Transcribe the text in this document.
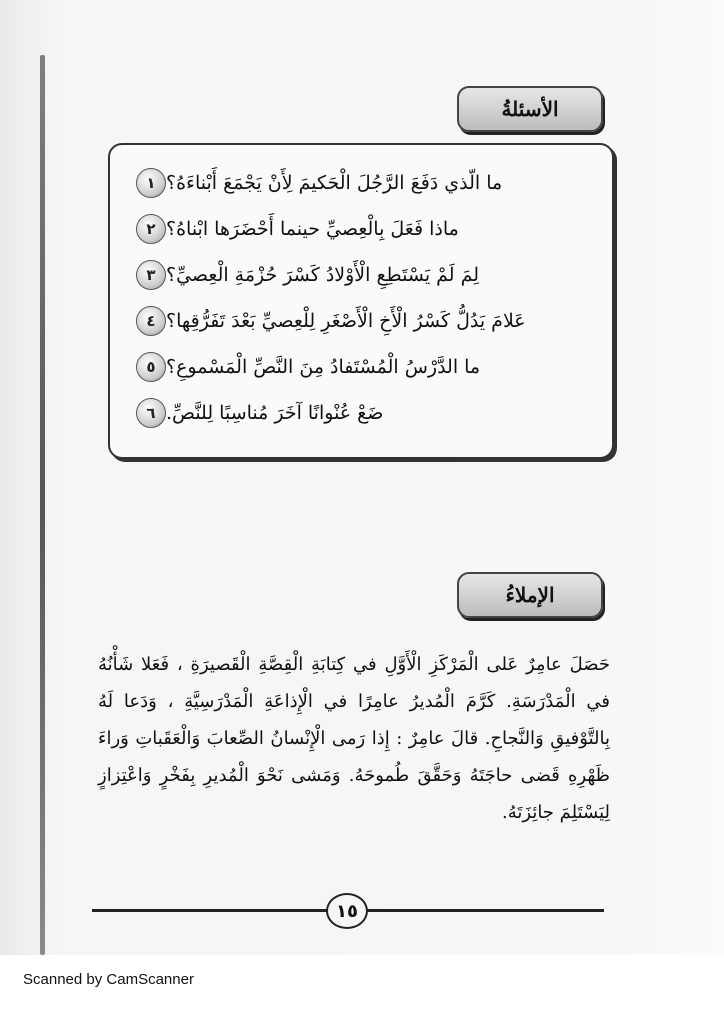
الأسئلةُ
١ ما الّذي دَفَعَ الرَّجُلَ الْحَكيمَ لِأَنْ يَجْمَعَ أَبْناءَهُ؟
٢ ماذا فَعَلَ بِالْعِصيِّ حينما أَحْضَرَها ابْناهُ؟
٣ لِمَ لَمْ يَسْتَطِعِ الْأَوْلادُ كَسْرَ حُزْمَةِ الْعِصيِّ؟
٤ عَلامَ يَدُلُّ كَسْرُ الْأَخِ الْأَصْغَرِ لِلْعِصيِّ بَعْدَ تَفَرُّقِها؟
٥ ما الدَّرْسُ الْمُسْتَفادُ مِنَ النَّصِّ الْمَسْموعِ؟
٦ ضَعْ عُنْوانًا آخَرَ مُناسِبًا لِلنَّصِّ.
الإملاءُ

حَصَلَ عامِرٌ عَلى الْمَرْكَزِ الْأَوَّلِ في كِتابَةِ الْقِصَّةِ الْقَصيرَةِ ، فَعَلا شَأْنُهُ في الْمَدْرَسَةِ. كَرَّمَ الْمُديرُ عامِرًا في الْإِذاعَةِ الْمَدْرَسِيَّةِ ، وَدَعا لَهُ بِالتَّوْفيقِ وَالنَّجاحِ. قالَ عامِرٌ : إِذا رَمى الْإِنْسانُ الصِّعابَ وَالْعَقَباتِ وَراءَ ظَهْرِهِ قَضى حاجَتَهُ وَحَقَّقَ طُموحَهُ. وَمَشى نَحْوَ الْمُديرِ بِفَخْرٍ وَاعْتِزازٍ لِيَسْتَلِمَ جائِزَتَهُ.

١٥
Scanned by CamScanner
